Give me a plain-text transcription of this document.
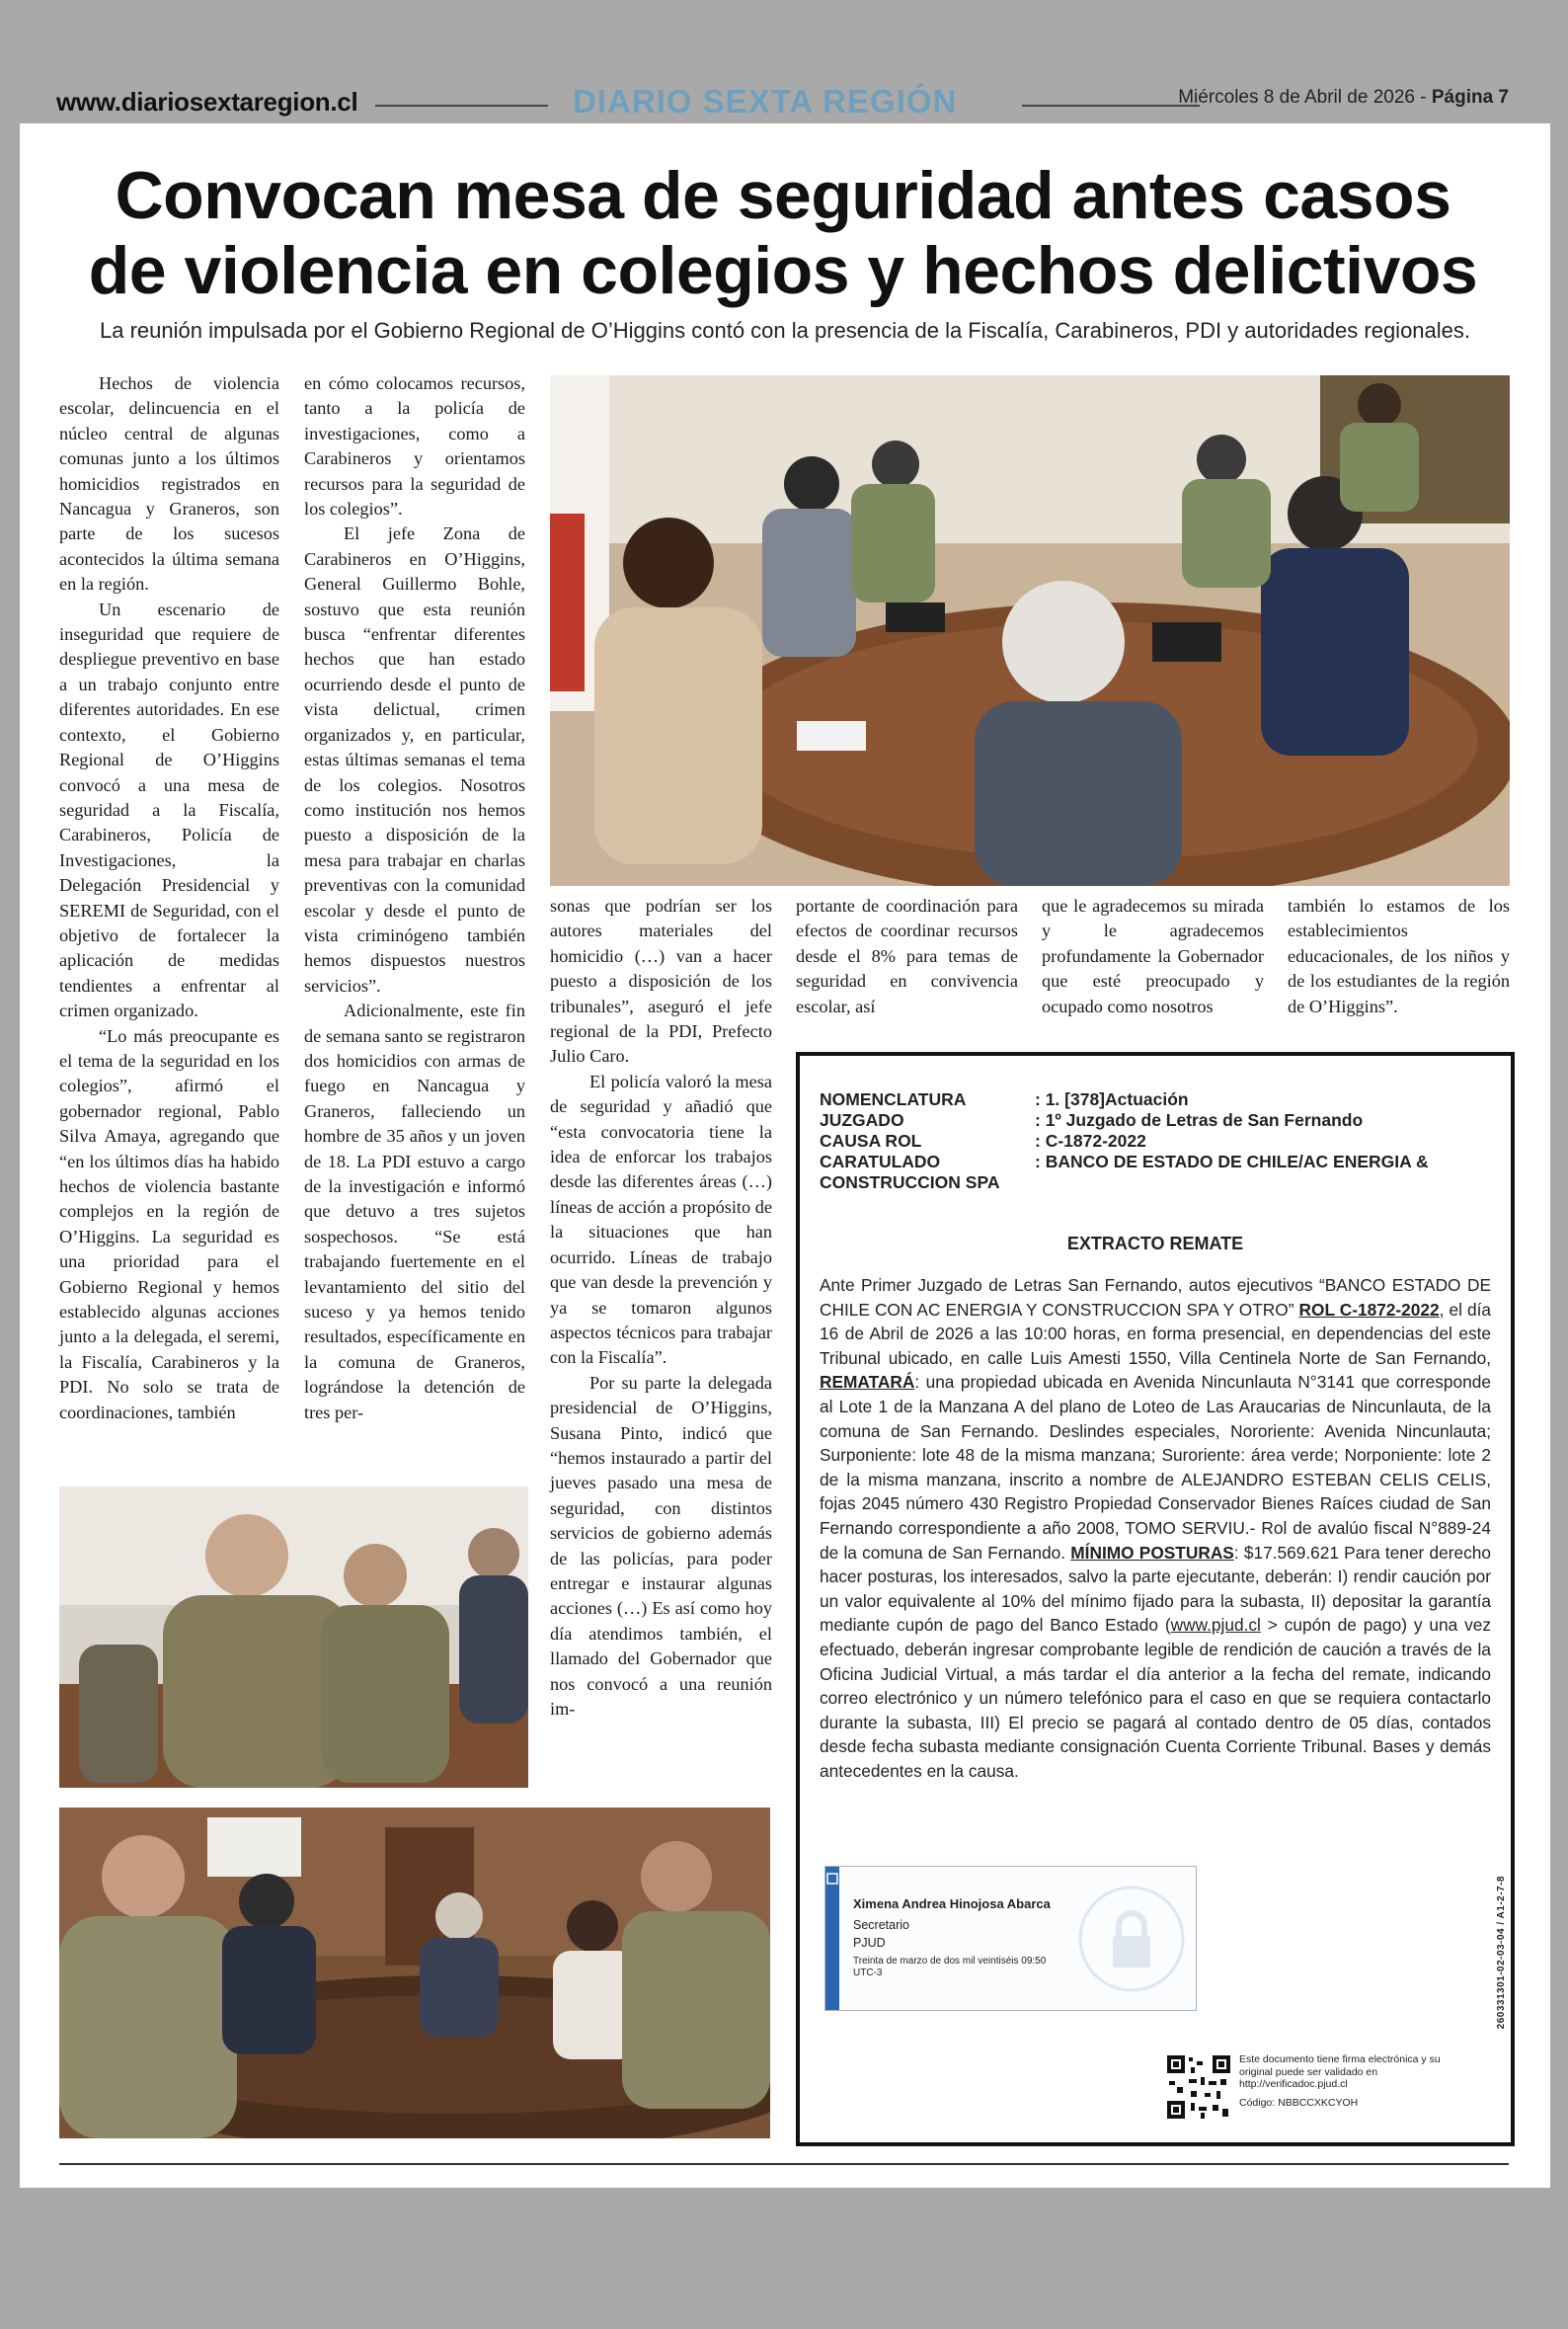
www.diariosextaregion.cl	DIARIO SEXTA REGIÓN	Miércoles 8 de Abril de 2026 - Página 7
Convocan mesa de seguridad antes casos
de violencia en colegios y hechos delictivos

La reunión impulsada por el Gobierno Regional de O’Higgins contó con la presencia de la Fiscalía, Carabineros, PDI y autoridades regionales.

Hechos de violencia escolar, delincuencia en el núcleo central de algunas comunas junto a los últimos homicidios registrados en Nancagua y Graneros, son parte de los sucesos acontecidos la última semana en la región.

Un escenario de inseguridad que requiere de despliegue preventivo en base a un trabajo conjunto entre diferentes autoridades. En ese contexto, el Gobierno Regional de O’Higgins convocó a una mesa de seguridad a la Fiscalía, Carabineros, Policía de Investigaciones, la Delegación Presidencial y SEREMI de Seguridad, con el objetivo de fortalecer la aplicación de medidas tendientes a enfrentar al crimen organizado.

“Lo más preocupante es el tema de la seguridad en los colegios”, afirmó el gobernador regional, Pablo Silva Amaya, agregando que “en los últimos días ha habido hechos de violencia bastante complejos en la región de O’Higgins. La seguridad es una prioridad para el Gobierno Regional y hemos establecido algunas acciones junto a la delegada, el seremi, la Fiscalía, Carabineros y la PDI. No solo se trata de coordinaciones, también

en cómo colocamos recursos, tanto a la policía de investigaciones, como a Carabineros y orientamos recursos para la seguridad de los colegios”.

El jefe Zona de Carabineros en O’Higgins, General Guillermo Bohle, sostuvo que esta reunión busca “enfrentar diferentes hechos que han estado ocurriendo desde el punto de vista delictual, crimen organizados y, en particular, estas últimas semanas el tema de los colegios. Nosotros como institución nos hemos puesto a disposición de la mesa para trabajar en charlas preventivas con la comunidad escolar y desde el punto de vista criminógeno también hemos dispuestos nuestros servicios”.

Adicionalmente, este fin de semana santo se registraron dos homicidios con armas de fuego en Nancagua y Graneros, falleciendo un hombre de 35 años y un joven de 18. La PDI estuvo a cargo de la investigación e informó que detuvo a tres sujetos sospechosos. “Se está trabajando fuertemente en el levantamiento del sitio del suceso y ya hemos tenido resultados, específicamente en la comuna de Graneros, lográndose la detención de tres per-

sonas que podrían ser los autores materiales del homicidio (…) van a hacer puesto a disposición de los tribunales”, aseguró el jefe regional de la PDI, Prefecto Julio Caro.

El policía valoró la mesa de seguridad y añadió que “esta convocatoria tiene la idea de enforcar los trabajos desde las diferentes áreas (…) líneas de acción a propósito de la situaciones que han ocurrido. Líneas de trabajo que van desde la prevención y ya se tomaron algunos aspectos técnicos para trabajar con la Fiscalía”.

Por su parte la delegada presidencial de O’Higgins, Susana Pinto, indicó que “hemos instaurado a partir del jueves pasado una mesa de seguridad, con distintos servicios de gobierno además de las policías, para poder entregar e instaurar algunas acciones (…) Es así como hoy día atendimos también, el llamado del Gobernador que nos convocó a una reunión im-

portante de coordinación para efectos de coordinar recursos desde el 8% para temas de seguridad en convivencia escolar, así

que le agradecemos su mirada y le agradecemos profundamente la Gobernador que esté preocupado y ocupado como nosotros

también lo estamos de los establecimientos educacionales, de los niños y de los estudiantes de la región de O’Higgins”.

NOMENCLATURA	: 1. [378]Actuación
JUZGADO	: 1º Juzgado de Letras de San Fernando
CAUSA ROL	: C-1872-2022
CARATULADO	: BANCO DE ESTADO DE CHILE/AC ENERGIA &
CONSTRUCCION SPA
EXTRACTO REMATE
Ante Primer Juzgado de Letras San Fernando, autos ejecutivos “BANCO ESTADO DE CHILE CON AC ENERGIA Y CONSTRUCCION SPA Y OTRO” ROL C-1872-2022, el día 16 de Abril de 2026 a las 10:00 horas, en forma presencial, en dependencias del este Tribunal ubicado, en calle Luis Amesti 1550, Villa Centinela Norte de San Fernando, REMATARÁ: una propiedad ubicada en Avenida Nincunlauta N°3141 que corresponde al Lote 1 de la Manzana A del plano de Loteo de Las Araucarias de Nincunlauta, de la comuna de San Fernando. Deslindes especiales, Nororiente: Avenida Nincunlauta; Surponiente: lote 48 de la misma manzana; Suroriente: área verde; Norponiente: lote 2 de la misma manzana, inscrito a nombre de ALEJANDRO ESTEBAN CELIS CELIS, fojas 2045 número 430 Registro Propiedad Conservador Bienes Raíces ciudad de San Fernando correspondiente a año 2008, TOMO SERVIU.- Rol de avalúo fiscal N°889-24 de la comuna de San Fernando. MÍNIMO POSTURAS: $17.569.621 Para tener derecho hacer posturas, los interesados, salvo la parte ejecutante, deberán: I) rendir caución por un valor equivalente al 10% del mínimo fijado para la subasta, II) depositar la garantía mediante cupón de pago del Banco Estado (www.pjud.cl > cupón de pago) y una vez efectuado, deberán ingresar comprobante legible de rendición de caución a través de la Oficina Judicial Virtual, a más tardar el día anterior a la fecha del remate, indicando correo electrónico y un número telefónico para el caso en que se requiera contactarlo durante la subasta, III) El precio se pagará al contado dentro de 05 días, contados desde fecha subasta mediante consignación Cuenta Corriente Tribunal. Bases y demás antecedentes en la causa.
Ximena Andrea Hinojosa Abarca
Secretario
PJUD
Treinta de marzo de dos mil veintiséis 09:50 UTC-3
Este documento tiene firma electrónica y su original puede ser validado en http://verificadoc.pjud.cl
Código: NBBCCXKCYOH
260331301-02-03-04 / A1-2-7-8
